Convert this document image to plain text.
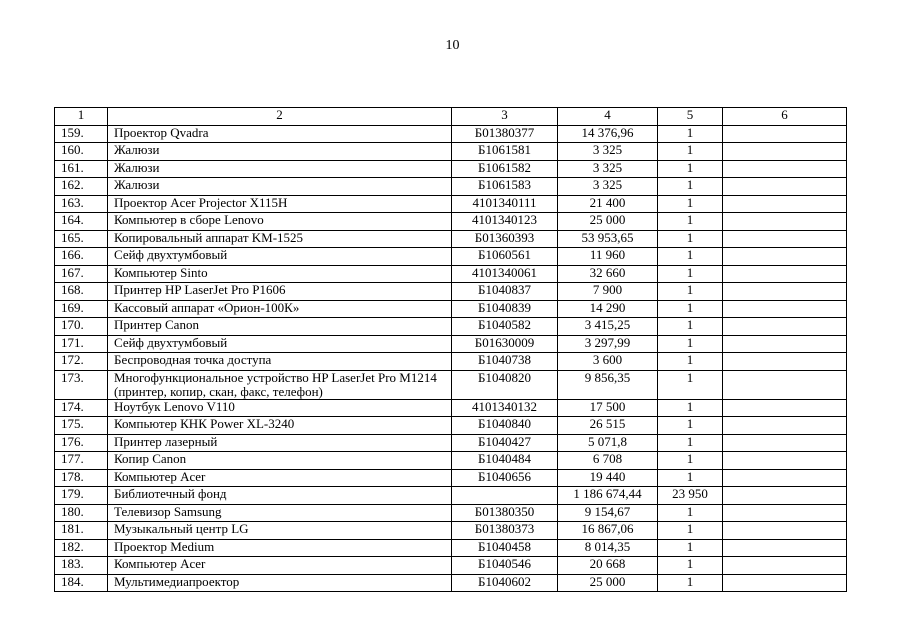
10
1	2	3	4	5	6
159.	Проектор Qvadra	Б01380377	14 376,96	1	
160.	Жалюзи	Б1061581	3 325	1	
161.	Жалюзи	Б1061582	3 325	1	
162.	Жалюзи	Б1061583	3 325	1	
163.	Проектор Acer Projector X115H	4101340111	21 400	1	
164.	Компьютер в сборе Lenovo	4101340123	25 000	1	
165.	Копировальный аппарат KM-1525	Б01360393	53 953,65	1	
166.	Сейф двухтумбовый	Б1060561	11 960	1	
167.	Компьютер Sinto	4101340061	32 660	1	
168.	Принтер HP LaserJet Pro P1606	Б1040837	7 900	1	
169.	Кассовый аппарат «Орион-100К»	Б1040839	14 290	1	
170.	Принтер Canon	Б1040582	3 415,25	1	
171.	Сейф двухтумбовый	Б01630009	3 297,99	1	
172.	Беспроводная точка доступа	Б1040738	3 600	1	
173.	Многофункциональное устройство HP LaserJet Pro M1214 (принтер, копир, скан, факс, телефон)	Б1040820	9 856,35	1	
174.	Ноутбук Lenovo V110	4101340132	17 500	1	
175.	Компьютер КНК Power XL-3240	Б1040840	26 515	1	
176.	Принтер лазерный	Б1040427	5 071,8	1	
177.	Копир Canon	Б1040484	6 708	1	
178.	Компьютер Acer	Б1040656	19 440	1	
179.	Библиотечный фонд		1 186 674,44	23 950	
180.	Телевизор Samsung	Б01380350	9 154,67	1	
181.	Музыкальный центр LG	Б01380373	16 867,06	1	
182.	Проектор Medium	Б1040458	8 014,35	1	
183.	Компьютер Acer	Б1040546	20 668	1	
184.	Мультимедиапроектор	Б1040602	25 000	1	
